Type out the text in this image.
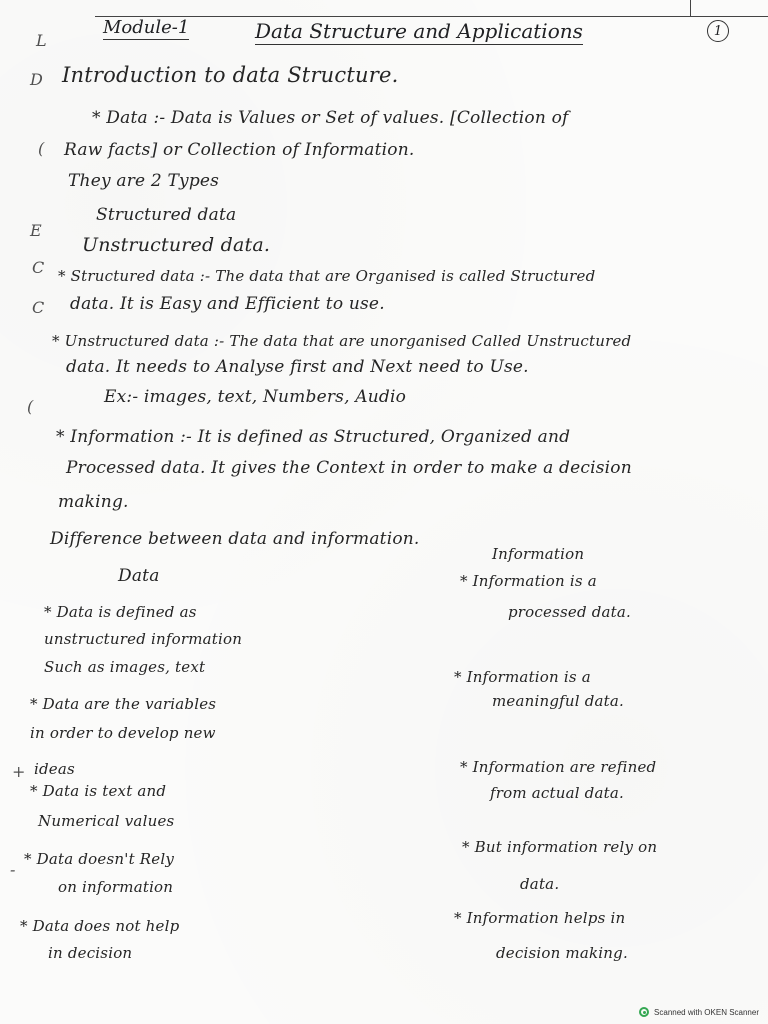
Module-1	Data Structure and Applications	1
L
D
(
E
C
C
(
+
-
Introduction to data Structure.
* Data :- Data is Values or Set of values. [Collection of
Raw facts] or Collection of Information.
They are 2 Types
Structured data
Unstructured data.
* Structured data :- The data that are Organised is called Structured
data. It is Easy and Efficient to use.
* Unstructured data :- The data that are unorganised Called Unstructured
data. It needs to Analyse first and Next need to Use.
Ex:- images, text, Numbers, Audio
* Information :- It is defined as Structured, Organized and
Processed data. It gives the Context in order to make a decision
making.
Difference between data and information.
Data
Information
* Data is defined as
unstructured information
Such as images, text
* Data are the variables
in order to develop new
ideas
* Data is text and
Numerical values
* Data doesn't Rely
on information
* Data does not help
in decision
* Information is a
processed data.
* Information is a
meaningful data.
* Information are refined
from actual data.
* But information rely on
data.
* Information helps in
decision making.
Scanned with OKEN Scanner
